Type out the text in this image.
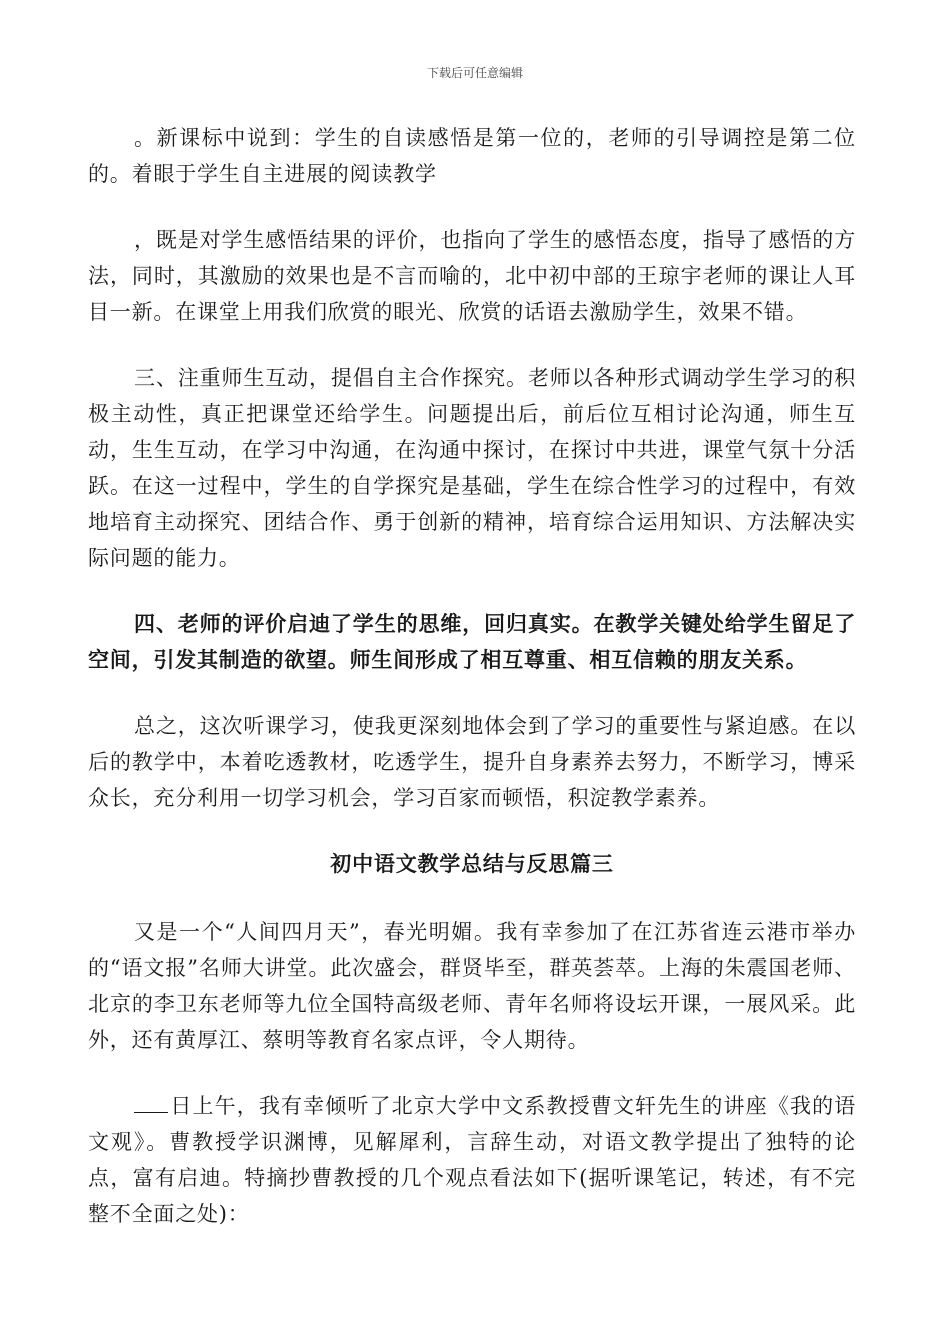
下载后可任意编辑

。新课标中说到：学生的自读感悟是第一位的，老师的引导调控是第二位的。着眼于学生自主进展的阅读教学

，既是对学生感悟结果的评价，也指向了学生的感悟态度，指导了感悟的方法，同时，其激励的效果也是不言而喻的，北中初中部的王琼宇老师的课让人耳目一新。在课堂上用我们欣赏的眼光、欣赏的话语去激励学生，效果不错。

三、注重师生互动，提倡自主合作探究。老师以各种形式调动学生学习的积极主动性，真正把课堂还给学生。问题提出后，前后位互相讨论沟通，师生互动，生生互动，在学习中沟通，在沟通中探讨，在探讨中共进，课堂气氛十分活跃。在这一过程中，学生的自学探究是基础，学生在综合性学习的过程中，有效地培育主动探究、团结合作、勇于创新的精神，培育综合运用知识、方法解决实际问题的能力。

四、老师的评价启迪了学生的思维，回归真实。在教学关键处给学生留足了空间，引发其制造的欲望。师生间形成了相互尊重、相互信赖的朋友关系。

总之，这次听课学习，使我更深刻地体会到了学习的重要性与紧迫感。在以后的教学中，本着吃透教材，吃透学生，提升自身素养去努力，不断学习，博采众长，充分利用一切学习机会，学习百家而顿悟，积淀教学素养。

初中语文教学总结与反思篇三

又是一个“人间四月天”，春光明媚。我有幸参加了在江苏省连云港市举办的“语文报”名师大讲堂。此次盛会，群贤毕至，群英荟萃。上海的朱震国老师、北京的李卫东老师等九位全国特高级老师、青年名师将设坛开课，一展风采。此外，还有黄厚江、蔡明等教育名家点评，令人期待。

日上午，我有幸倾听了北京大学中文系教授曹文轩先生的讲座《我的语文观》。曹教授学识渊博，见解犀利，言辞生动，对语文教学提出了独特的论点，富有启迪。特摘抄曹教授的几个观点看法如下(据听课笔记，转述，有不完整不全面之处)：
